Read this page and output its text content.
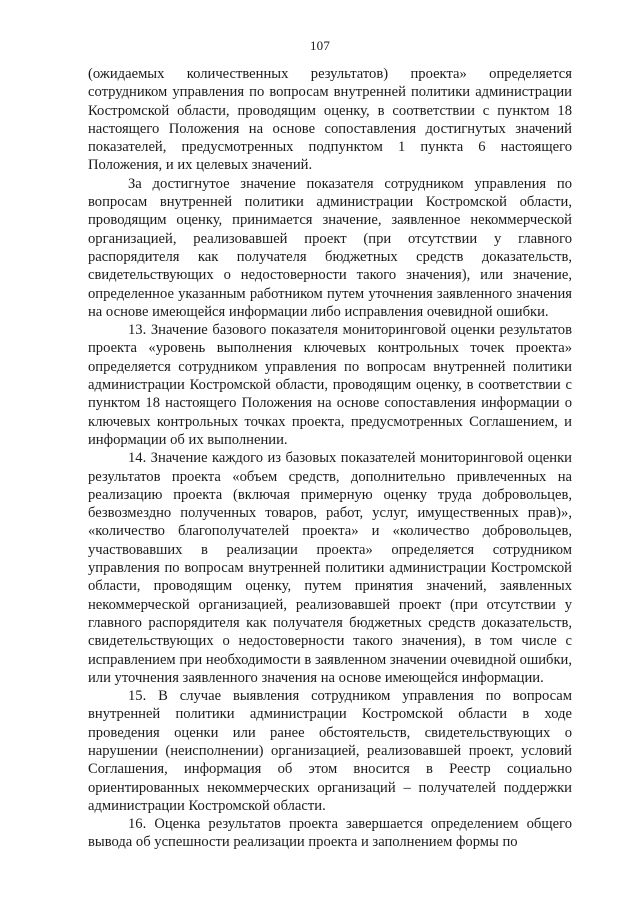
107

(ожидаемых количественных результатов) проекта» определяется сотрудником управления по вопросам внутренней политики администрации Костромской области, проводящим оценку, в соответствии с пунктом 18 настоящего Положения на основе сопоставления достигнутых значений показателей, предусмотренных подпунктом 1 пункта 6 настоящего Положения, и их целевых значений.

За достигнутое значение показателя сотрудником управления по вопросам внутренней политики администрации Костромской области, проводящим оценку, принимается значение, заявленное некоммерческой организацией, реализовавшей проект (при отсутствии у главного распорядителя как получателя бюджетных средств доказательств, свидетельствующих о недостоверности такого значения), или значение, определенное указанным работником путем уточнения заявленного значения на основе имеющейся информации либо исправления очевидной ошибки.

13. Значение базового показателя мониторинговой оценки результатов проекта «уровень выполнения ключевых контрольных точек проекта» определяется сотрудником управления по вопросам внутренней политики администрации Костромской области, проводящим оценку, в соответствии с пунктом 18 настоящего Положения на основе сопоставления информации о ключевых контрольных точках проекта, предусмотренных Соглашением, и информации об их выполнении.

14. Значение каждого из базовых показателей мониторинговой оценки результатов проекта «объем средств, дополнительно привлеченных на реализацию проекта (включая примерную оценку труда добровольцев, безвозмездно полученных товаров, работ, услуг, имущественных прав)», «количество благополучателей проекта» и «количество добровольцев, участвовавших в реализации проекта» определяется сотрудником управления по вопросам внутренней политики администрации Костромской области, проводящим оценку, путем принятия значений, заявленных некоммерческой организацией, реализовавшей проект (при отсутствии у главного распорядителя как получателя бюджетных средств доказательств, свидетельствующих о недостоверности такого значения), в том числе с исправлением при необходимости в заявленном значении очевидной ошибки, или уточнения заявленного значения на основе имеющейся информации.

15. В случае выявления сотрудником управления по вопросам внутренней политики администрации Костромской области в ходе проведения оценки или ранее обстоятельств, свидетельствующих о нарушении (неисполнении) организацией, реализовавшей проект, условий Соглашения, информация об этом вносится в Реестр социально ориентированных некоммерческих организаций – получателей поддержки администрации Костромской области.

16. Оценка результатов проекта завершается определением общего вывода об успешности реализации проекта и заполнением формы по
